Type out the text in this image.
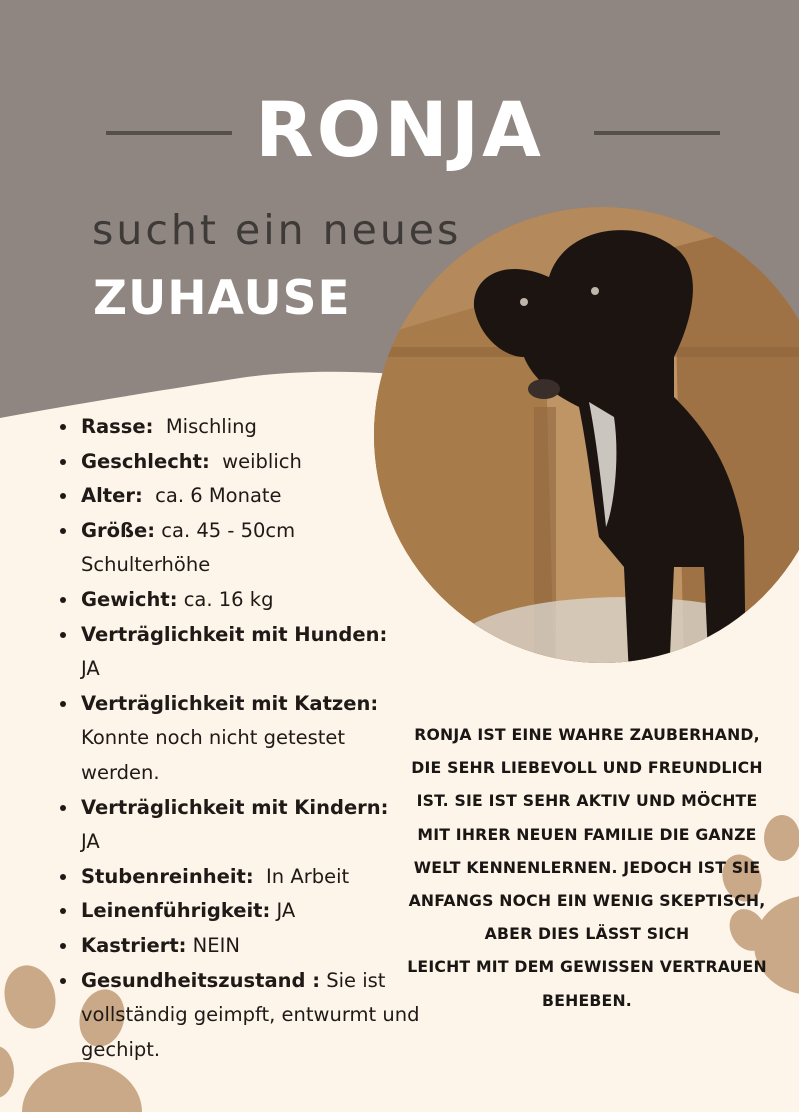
RONJA
sucht ein neues
ZUHAUSE
Rasse: Mischling
Geschlecht: weiblich
Alter: ca. 6 Monate
Größe: ca. 45 - 50cm Schulterhöhe
Gewicht: ca. 16 kg
Verträglichkeit mit Hunden:
JA
Verträglichkeit mit Katzen:
Konnte noch nicht getestet werden.
Verträglichkeit mit Kindern:
JA
Stubenreinheit: In Arbeit
Leinenführigkeit: JA
Kastriert: NEIN
Gesundheitszustand : Sie ist vollständig geimpft, entwurmt und gechipt.
RONJA IST EINE WAHRE ZAUBERHAND,
DIE SEHR LIEBEVOLL UND FREUNDLICH
IST. SIE IST SEHR AKTIV UND MÖCHTE
MIT IHRER NEUEN FAMILIE DIE GANZE
WELT KENNENLERNEN. JEDOCH IST SIE
ANFANGS NOCH EIN WENIG SKEPTISCH,
ABER DIES LÄSST SICH
LEICHT MIT DEM GEWISSEN VERTRAUEN
BEHEBEN.
